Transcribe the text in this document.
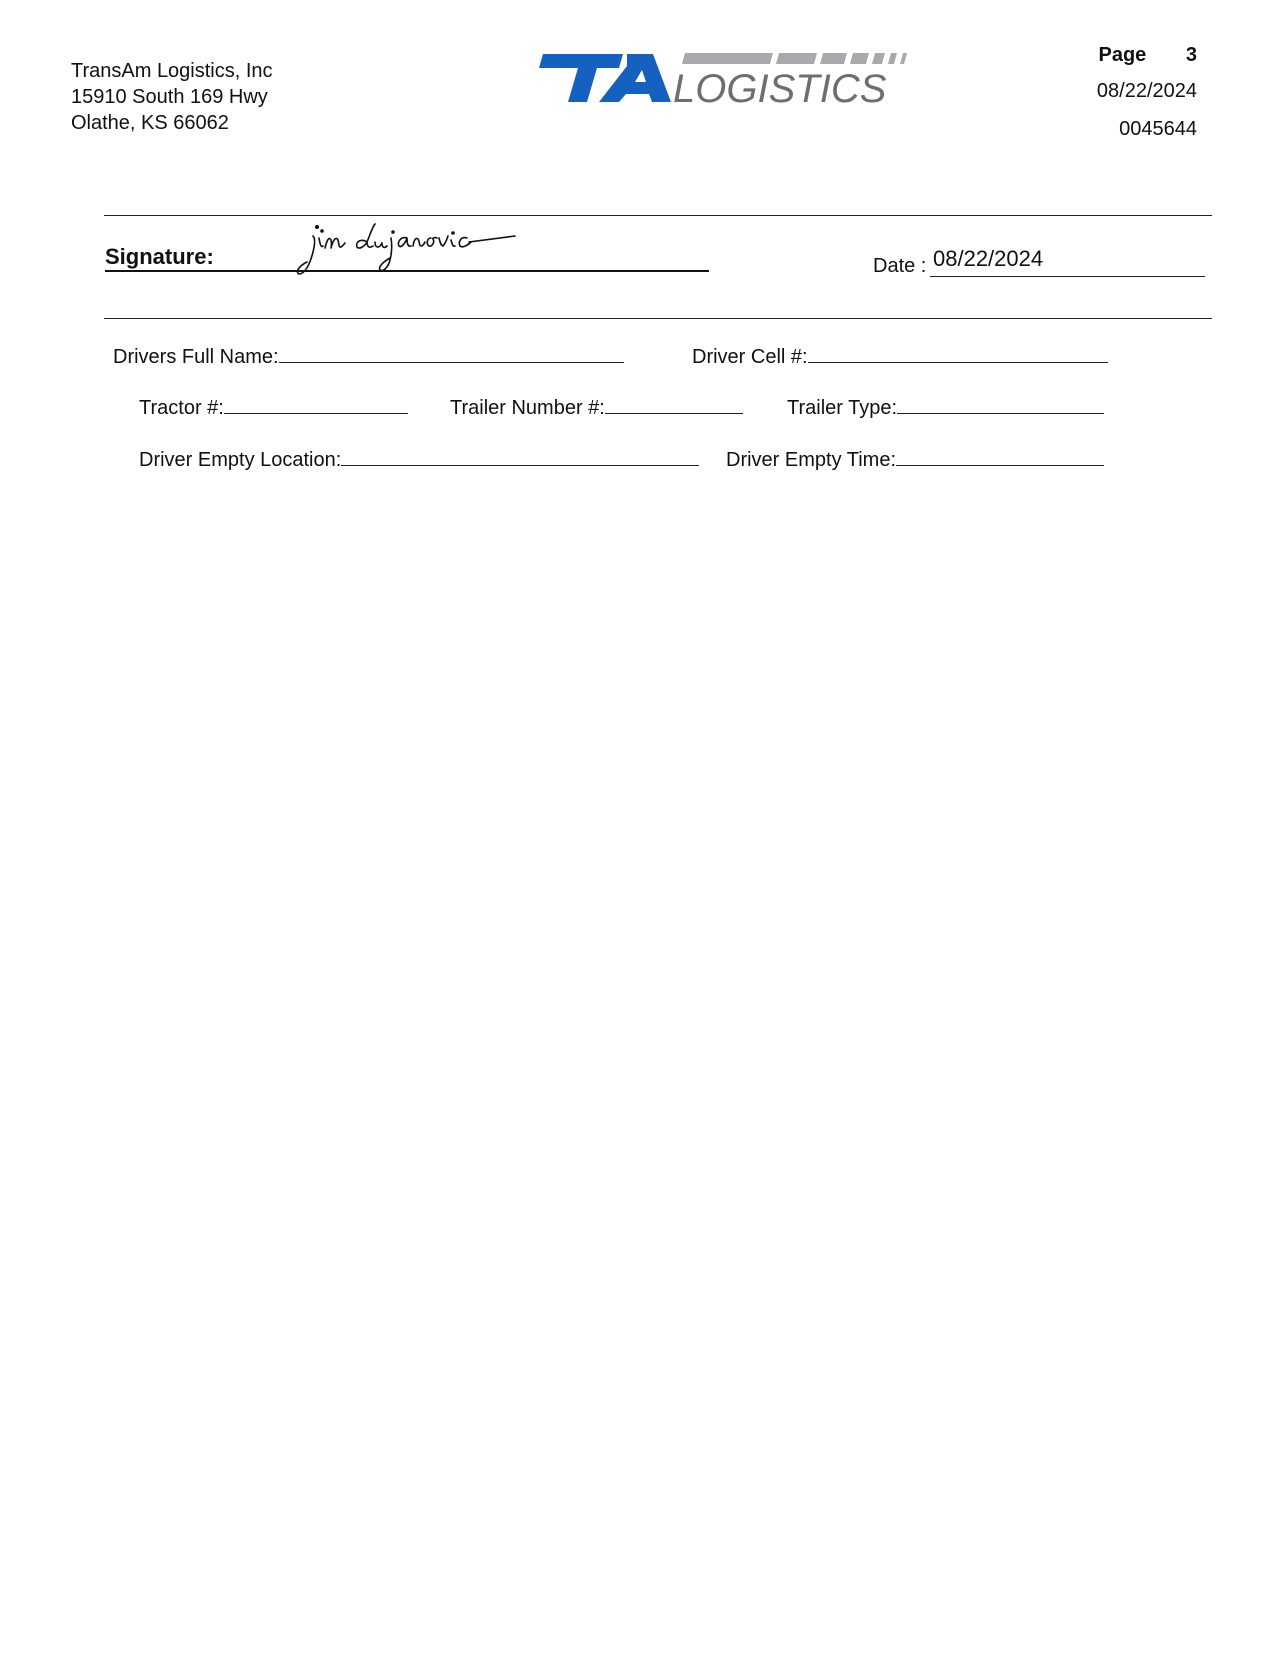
TransAm Logistics, Inc
15910 South 169 Hwy
Olathe, KS 66062
LOGISTICS
Page 3
08/22/2024
0045644
Signature:	Date : 08/22/2024
Drivers Full Name:	Driver Cell #:
Tractor #:	Trailer Number #:	Trailer Type:
Driver Empty Location:	Driver Empty Time:
